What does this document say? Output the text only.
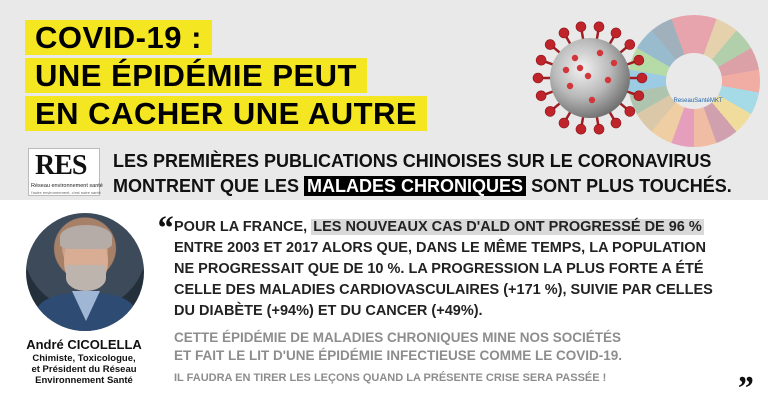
COVID-19 :
UNE ÉPIDÉMIE PEUT
EN CACHER UNE AUTRE	ReseauSantéMKT
RES
Réseau environnement santé
l'autre environnement, c'est notre santé
LES PREMIÈRES PUBLICATIONS CHINOISES SUR LE CORONAVIRUS
MONTRENT QUE LES MALADES CHRONIQUES SONT PLUS TOUCHÉS.
André CICOLELLA
Chimiste, Toxicologue,
et Président du Réseau
Environnement Santé
“
”
POUR LA FRANCE, LES NOUVEAUX CAS D'ALD ONT PROGRESSÉ DE 96 %
ENTRE 2003 ET 2017 ALORS QUE, DANS LE MÊME TEMPS, LA POPULATION
NE PROGRESSAIT QUE DE 10 %. LA PROGRESSION LA PLUS FORTE A ÉTÉ
CELLE DES MALADIES CARDIOVASCULAIRES (+171 %), SUIVIE PAR CELLES
DU DIABÈTE (+94%) ET DU CANCER (+49%).
CETTE ÉPIDÉMIE DE MALADIES CHRONIQUES MINE NOS SOCIÉTÉS
ET FAIT LE LIT D'UNE ÉPIDÉMIE INFECTIEUSE COMME LE COVID-19.
IL FAUDRA EN TIRER LES LEÇONS QUAND LA PRÉSENTE CRISE SERA PASSÉE !
